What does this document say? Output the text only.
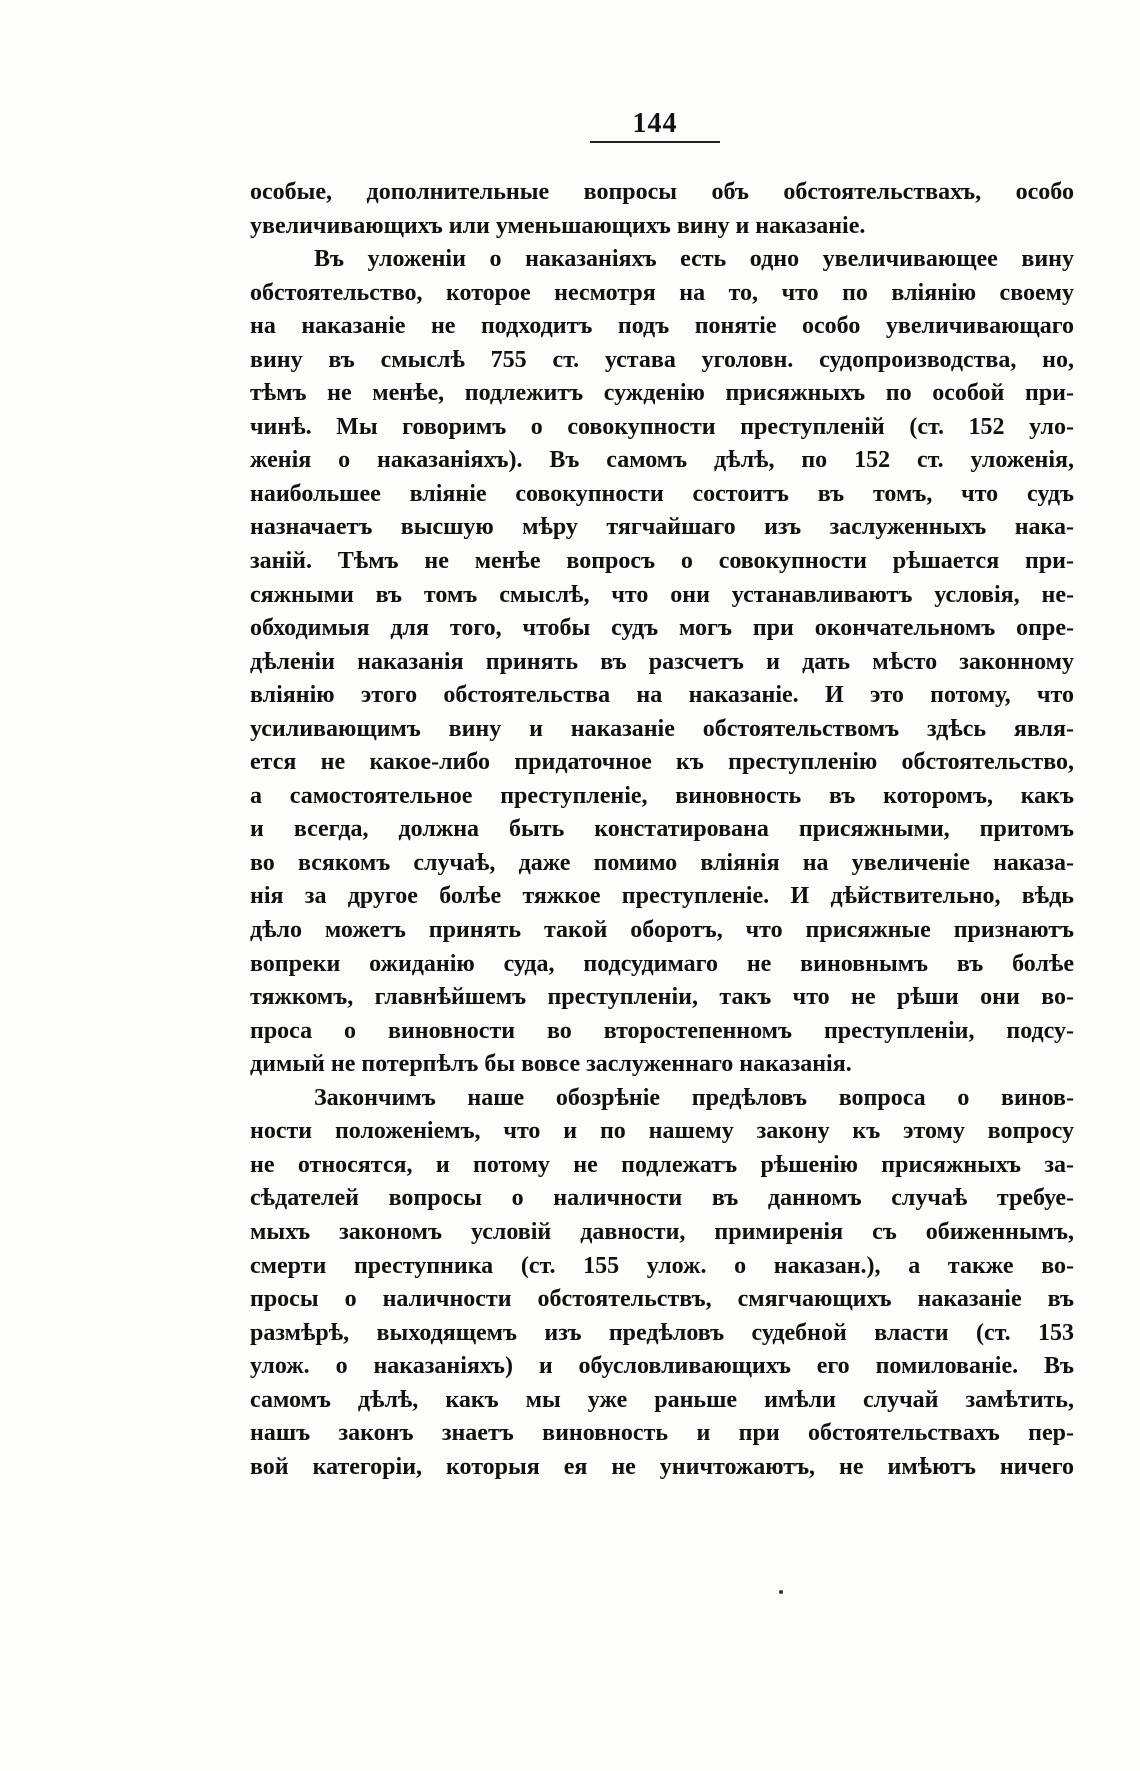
144
особые, дополнительные вопросы объ обстоятельствахъ, особо
увеличивающихъ или уменьшающихъ вину и наказаніе.
Въ уложеніи о наказаніяхъ есть одно увеличивающее вину
обстоятельство, которое несмотря на то, что по вліянію своему
на наказаніе не подходитъ подъ понятіе особо увеличивающаго
вину въ смыслѣ 755 ст. устава уголовн. судопроизводства, но,
тѣмъ не менѣе, подлежитъ сужденію присяжныхъ по особой при-
чинѣ. Мы говоримъ о совокупности преступленій (ст. 152 уло-
женія о наказаніяхъ). Въ самомъ дѣлѣ, по 152 ст. уложенія,
наибольшее вліяніе совокупности состоитъ въ томъ, что судъ
назначаетъ высшую мѣру тягчайшаго изъ заслуженныхъ нака-
заній. Тѣмъ не менѣе вопросъ о совокупности рѣшается при-
сяжными въ томъ смыслѣ, что они устанавливаютъ условія, не-
обходимыя для того, чтобы судъ могъ при окончательномъ опре-
дѣленіи наказанія принять въ разсчетъ и дать мѣсто законному
вліянію этого обстоятельства на наказаніе. И это потому, что
усиливающимъ вину и наказаніе обстоятельствомъ здѣсь явля-
ется не какое-либо придаточное къ преступленію обстоятельство,
а самостоятельное преступленіе, виновность въ которомъ, какъ
и всегда, должна быть констатирована присяжными, притомъ
во всякомъ случаѣ, даже помимо вліянія на увеличеніе наказа-
нія за другое болѣе тяжкое преступленіе. И дѣйствительно, вѣдь
дѣло можетъ принять такой оборотъ, что присяжные признаютъ
вопреки ожиданію суда, подсудимаго не виновнымъ въ болѣе
тяжкомъ, главнѣйшемъ преступленіи, такъ что не рѣши они во-
проса о виновности во второстепенномъ преступленіи, подсу-
димый не потерпѣлъ бы вовсе заслуженнаго наказанія.
Закончимъ наше обозрѣніе предѣловъ вопроса о винов-
ности положеніемъ, что и по нашему закону къ этому вопросу
не относятся, и потому не подлежатъ рѣшенію присяжныхъ за-
сѣдателей вопросы о наличности въ данномъ случаѣ требуе-
мыхъ закономъ условій давности, примиренія съ обиженнымъ,
смерти преступника (ст. 155 улож. о наказан.), а также во-
просы о наличности обстоятельствъ, смягчающихъ наказаніе въ
размѣрѣ, выходящемъ изъ предѣловъ судебной власти (ст. 153
улож. о наказаніяхъ) и обусловливающихъ его помилованіе. Въ
самомъ дѣлѣ, какъ мы уже раньше имѣли случай замѣтить,
нашъ законъ знаетъ виновность и при обстоятельствахъ пер-
вой категоріи, которыя ея не уничтожаютъ, не имѣютъ ничего
